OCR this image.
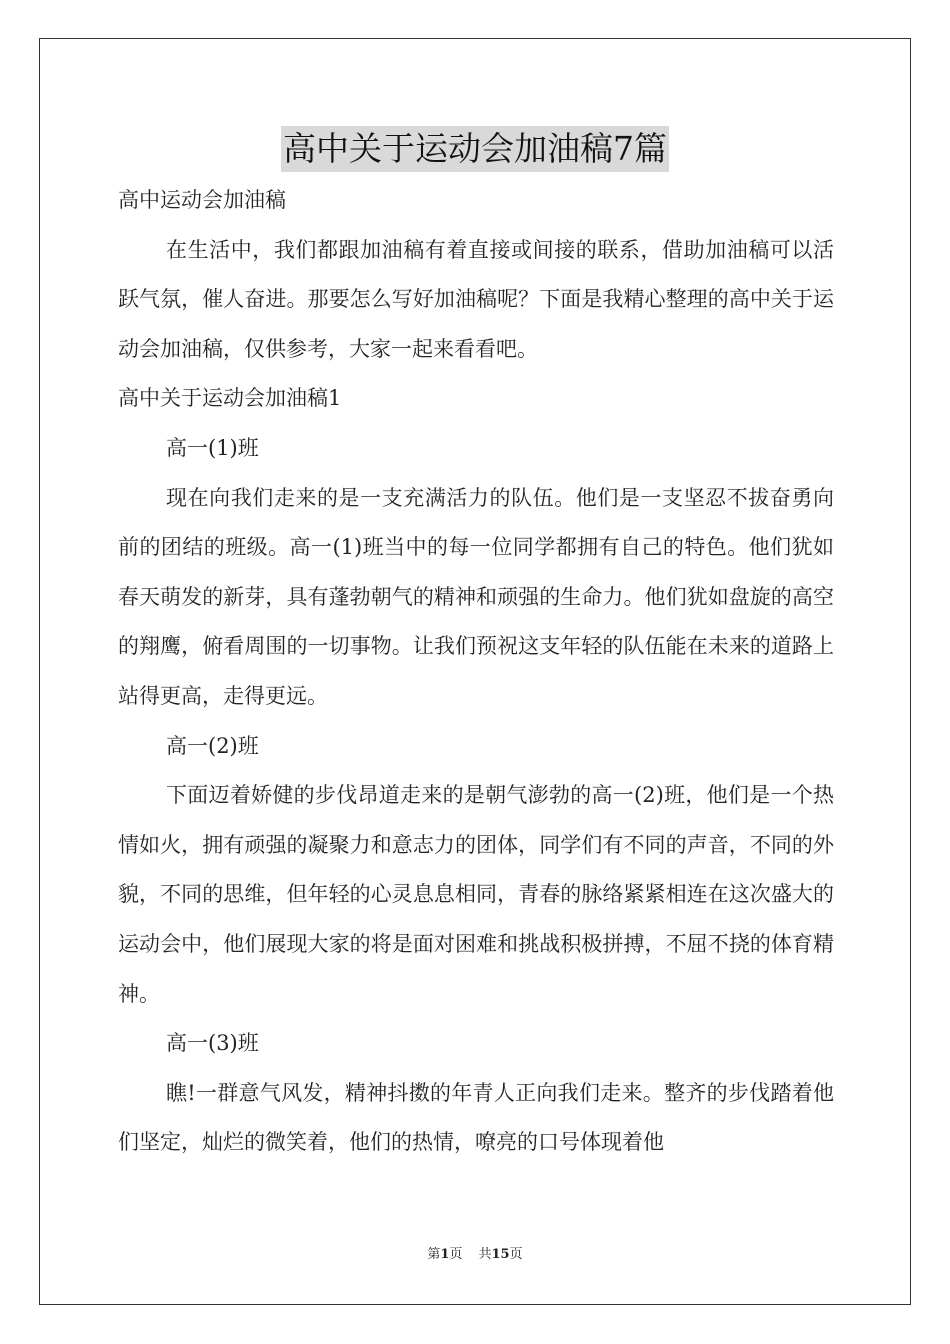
高中关于运动会加油稿7篇

高中运动会加油稿

在生活中，我们都跟加油稿有着直接或间接的联系，借助加油稿可以活跃气氛，催人奋进。那要怎么写好加油稿呢？下面是我精心整理的高中关于运动会加油稿，仅供参考，大家一起来看看吧。

高中关于运动会加油稿1

高一(1)班

现在向我们走来的是一支充满活力的队伍。他们是一支坚忍不拔奋勇向前的团结的班级。高一(1)班当中的每一位同学都拥有自己的特色。他们犹如春天萌发的新芽，具有蓬勃朝气的精神和顽强的生命力。他们犹如盘旋的高空的翔鹰，俯看周围的一切事物。让我们预祝这支年轻的队伍能在未来的道路上站得更高，走得更远。

高一(2)班

下面迈着娇健的步伐昂道走来的是朝气澎勃的高一(2)班，他们是一个热情如火，拥有顽强的凝聚力和意志力的团体，同学们有不同的声音，不同的外貌，不同的思维，但年轻的心灵息息相同，青春的脉络紧紧相连在这次盛大的运动会中，他们展现大家的将是面对困难和挑战积极拼搏，不屈不挠的体育精神。

高一(3)班

瞧!一群意气风发，精神抖擞的年青人正向我们走来。整齐的步伐踏着他们坚定，灿烂的微笑着，他们的热情，嘹亮的口号体现着他

第1页 共15页
